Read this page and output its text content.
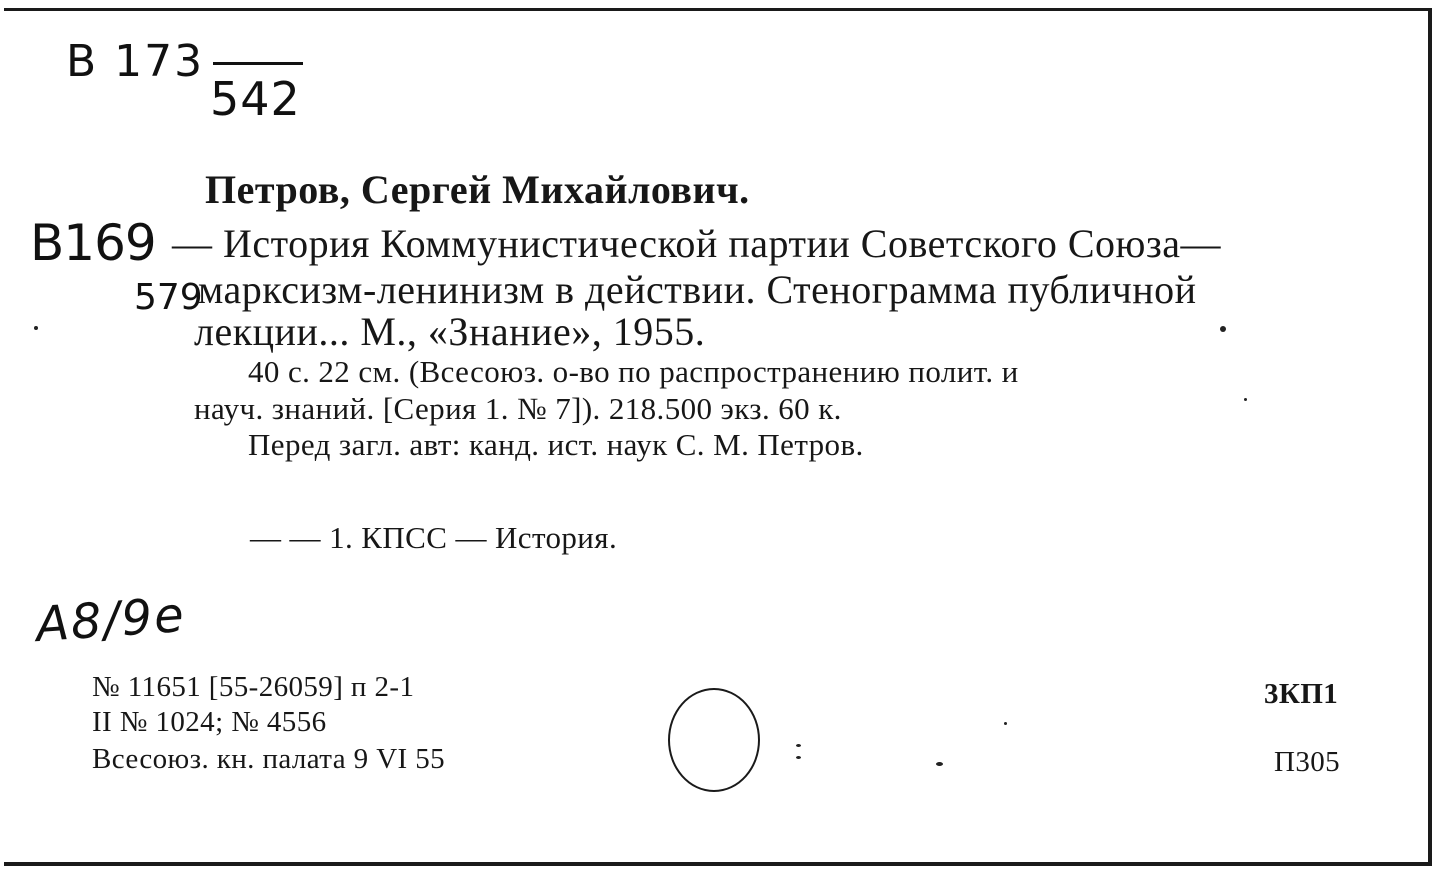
B 173
542
B169
579
A8/9e
Петров, Сергей Михайлович.
— История Коммунистической партии Советского Союза—
марксизм-ленинизм в действии. Стенограмма публичной
лекции... М., «Знание», 1955.
40 с. 22 см. (Всесоюз. о-во по распространению полит. и
науч. знаний. [Серия 1. № 7]). 218.500 экз. 60 к.
Перед загл. авт: канд. ист. наук С. М. Петров.
— — 1. КПСС — История.
№ 11651 [55-26059] п 2-1
II № 1024; № 4556
Всесоюз. кн. палата 9 VI 55
3КП1
П305
